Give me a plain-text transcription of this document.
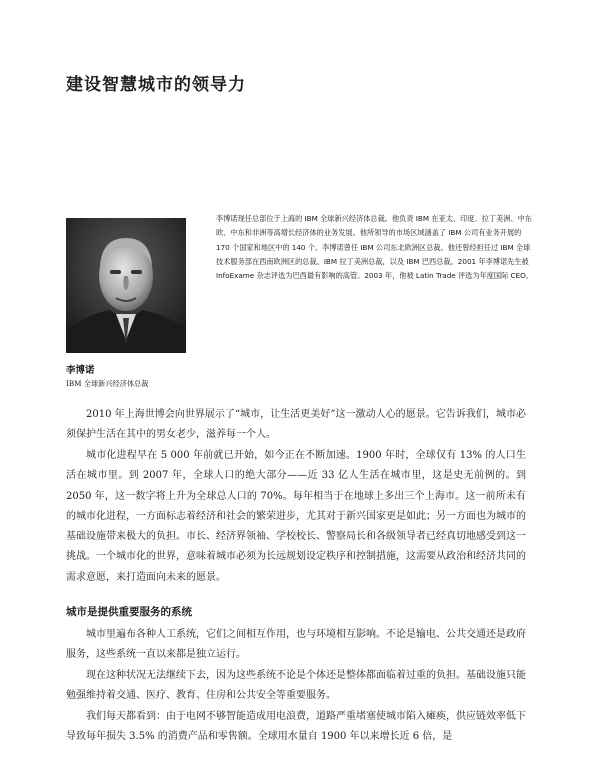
建设智慧城市的领导力

李博诺现任总部位于上海的 IBM 全球新兴经济体总裁。他负责 IBM 在亚太、印度、拉丁美洲、中东欧、中东和非洲等高增长经济体的业务发展。他所领导的市场区域涵盖了 IBM 公司有业务开展的 170 个国家和地区中的 140 个。李博诺曾任 IBM 公司东北欧洲区总裁。他还曾经担任过 IBM 全球技术服务部在西南欧洲区的总裁、IBM 拉丁美洲总裁，以及 IBM 巴西总裁。2001 年李博诺先生被 InfoExame 杂志评选为巴西最有影响的高管。2003 年，他被 Latin Trade 评选为年度国际 CEO。

李博诺
IBM 全球新兴经济体总裁

2010 年上海世博会向世界展示了“城市，让生活更美好”这一激动人心的愿景。它告诉我们，城市必须保护生活在其中的男女老少，滋养每一个人。

城市化进程早在 5 000 年前就已开始，如今正在不断加速。1900 年时，全球仅有 13% 的人口生活在城市里。到 2007 年，全球人口的绝大部分——近 33 亿人生活在城市里，这是史无前例的。到 2050 年，这一数字将上升为全球总人口的 70%。每年相当于在地球上多出三个上海市。这一前所未有的城市化进程，一方面标志着经济和社会的繁荣进步，尤其对于新兴国家更是如此；另一方面也为城市的基础设施带来极大的负担。市长、经济界领袖、学校校长、警察局长和各级领导者已经真切地感受到这一挑战。一个城市化的世界，意味着城市必须为长远规划设定秩序和控制措施，这需要从政治和经济共同的需求意愿，来打造面向未来的愿景。

城市是提供重要服务的系统

城市里遍布各种人工系统，它们之间相互作用，也与环境相互影响。不论是输电、公共交通还是政府服务，这些系统一直以来都是独立运行。

现在这种状况无法继续下去，因为这些系统不论是个体还是整体都面临着过重的负担。基础设施只能勉强维持着交通、医疗、教育、住房和公共安全等重要服务。

我们每天都看到：由于电网不够智能造成用电浪费，道路严重堵塞使城市陷入瘫痪，供应链效率低下导致每年损失 3.5% 的消费产品和零售额。全球用水量自 1900 年以来增长近 6 倍，是
